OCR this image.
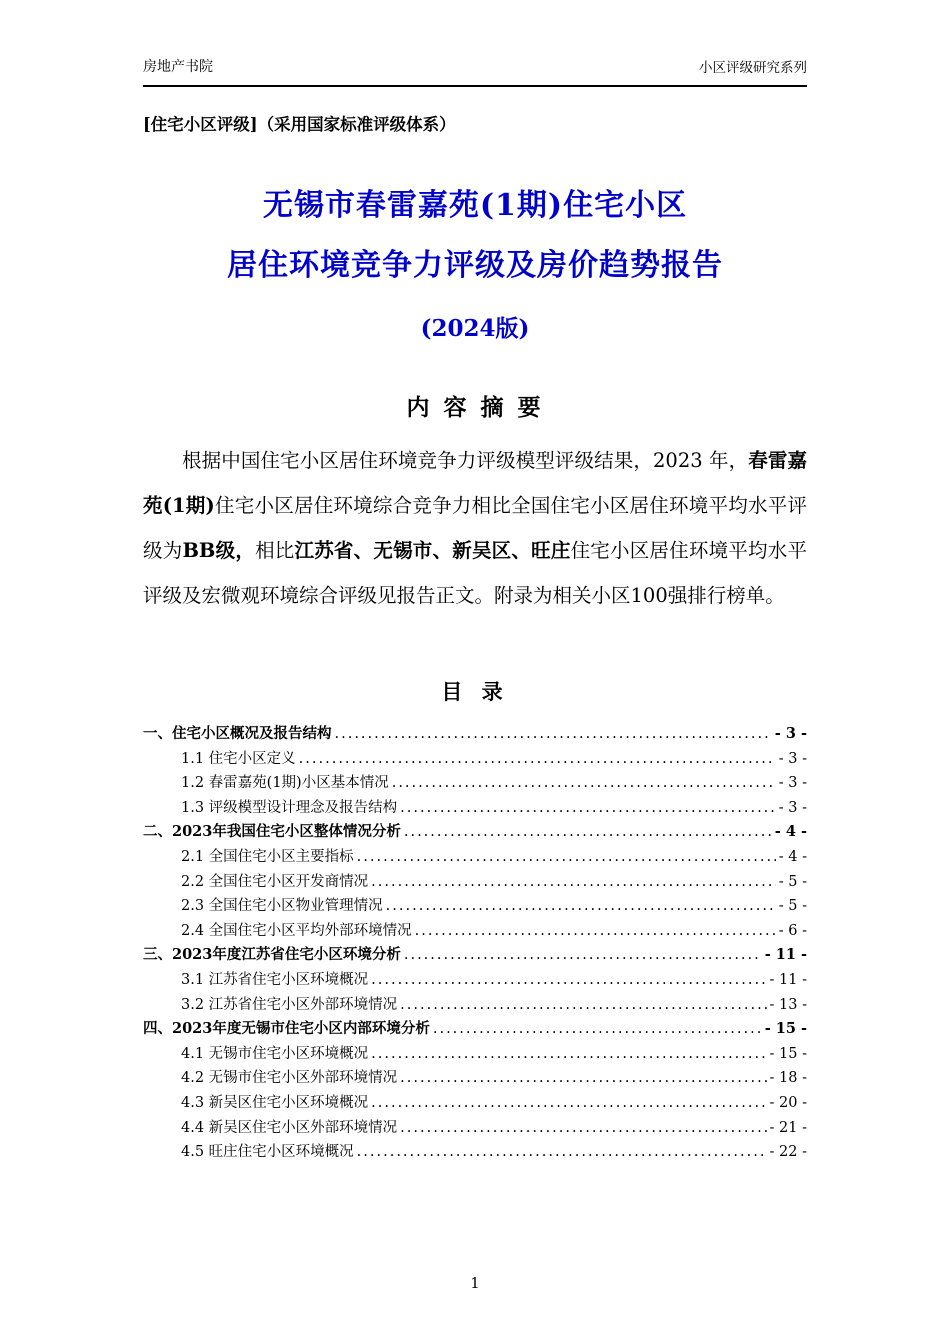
房地产书院	小区评级研究系列
[住宅小区评级]（采用国家标准评级体系）
无锡市春雷嘉苑(1期)住宅小区
居住环境竞争力评级及房价趋势报告
(2024版)
内 容 摘 要

根据中国住宅小区居住环境竞争力评级模型评级结果，2023 年，春雷嘉苑(1期)住宅小区居住环境综合竞争力相比全国住宅小区居住环境平均水平评级为BB级，相比江苏省、无锡市、新吴区、旺庄住宅小区居住环境平均水平评级及宏微观环境综合评级见报告正文。附录为相关小区100强排行榜单。

目 录
一、住宅小区概况及报告结构 .....	- 3 -
1.1 住宅小区定义 .....	- 3 -
1.2 春雷嘉苑(1期)小区基本情况 .....	- 3 -
1.3 评级模型设计理念及报告结构 .....	- 3 -
二、2023年我国住宅小区整体情况分析 .....	- 4 -
2.1 全国住宅小区主要指标 .....	- 4 -
2.2 全国住宅小区开发商情况 .....	- 5 -
2.3 全国住宅小区物业管理情况 .....	- 5 -
2.4 全国住宅小区平均外部环境情况 .....	- 6 -
三、2023年度江苏省住宅小区环境分析 .....	- 11 -
3.1 江苏省住宅小区环境概况 .....	- 11 -
3.2 江苏省住宅小区外部环境情况 .....	- 13 -
四、2023年度无锡市住宅小区内部环境分析 .....	- 15 -
4.1 无锡市住宅小区环境概况 .....	- 15 -
4.2 无锡市住宅小区外部环境情况 .....	- 18 -
4.3 新吴区住宅小区环境概况 .....	- 20 -
4.4 新吴区住宅小区外部环境情况 .....	- 21 -
4.5 旺庄住宅小区环境概况 .....	- 22 -
1
